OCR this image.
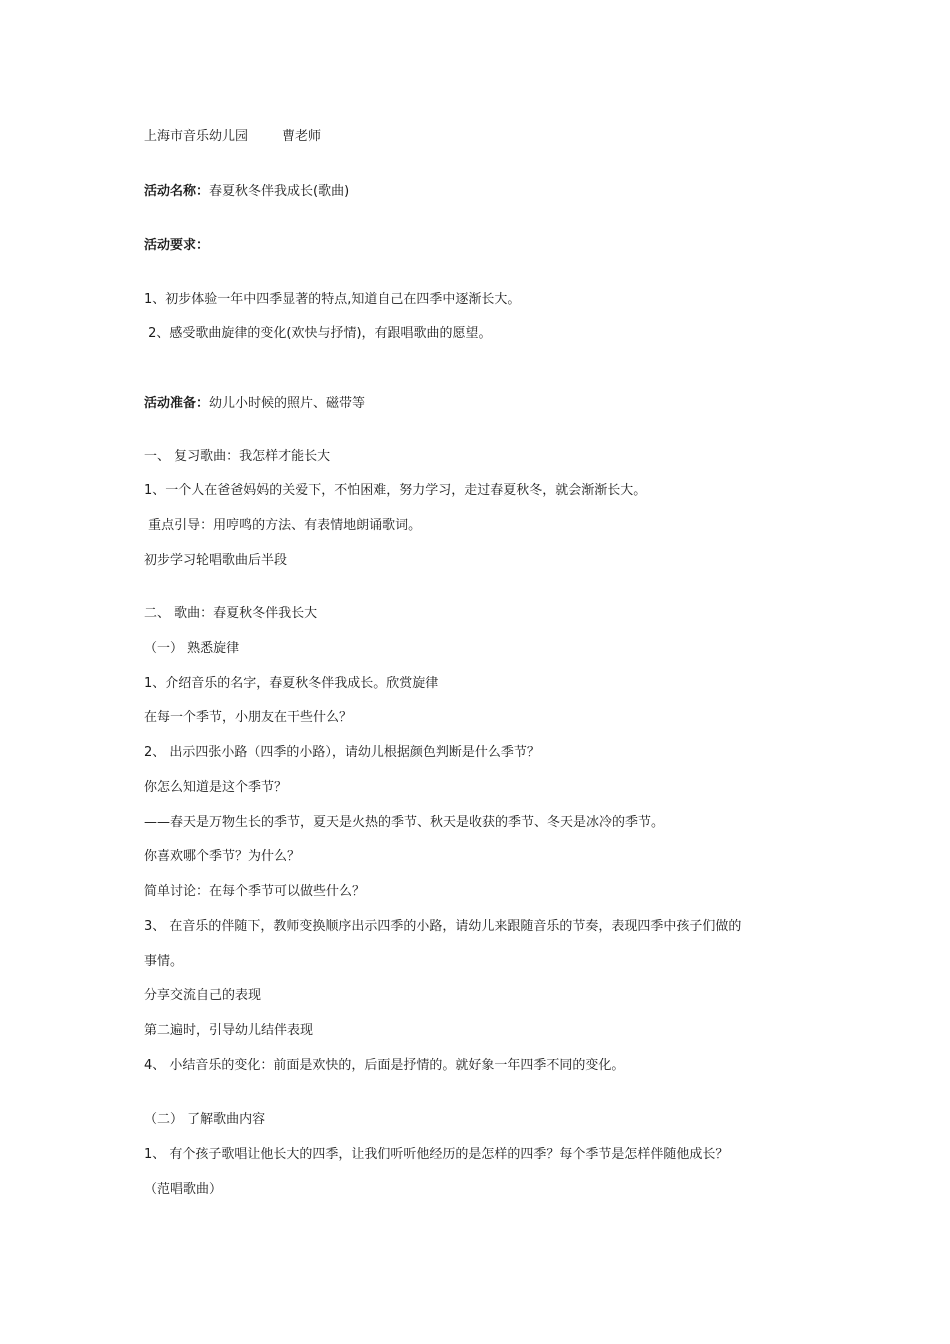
上海市音乐幼儿园	曹老师
活动名称：春夏秋冬伴我成长(歌曲)
活动要求：
1、初步体验一年中四季显著的特点,知道自己在四季中逐渐长大。
2、感受歌曲旋律的变化(欢快与抒情)，有跟唱歌曲的愿望。
活动准备：幼儿小时候的照片、磁带等
一、 复习歌曲：我怎样才能长大
1、一个人在爸爸妈妈的关爱下，不怕困难，努力学习，走过春夏秋冬，就会渐渐长大。
重点引导：用哼鸣的方法、有表情地朗诵歌词。
初步学习轮唱歌曲后半段
二、 歌曲：春夏秋冬伴我长大
（一） 熟悉旋律
1、介绍音乐的名字，春夏秋冬伴我成长。欣赏旋律
在每一个季节，小朋友在干些什么？
2、 出示四张小路（四季的小路），请幼儿根据颜色判断是什么季节？
你怎么知道是这个季节？
——春天是万物生长的季节，夏天是火热的季节、秋天是收获的季节、冬天是冰冷的季节。
你喜欢哪个季节？为什么？
简单讨论：在每个季节可以做些什么？
3、 在音乐的伴随下，教师变换顺序出示四季的小路，请幼儿来跟随音乐的节奏，表现四季中孩子们做的
事情。
分享交流自己的表现
第二遍时，引导幼儿结伴表现
4、 小结音乐的变化：前面是欢快的，后面是抒情的。就好象一年四季不同的变化。
（二） 了解歌曲内容
1、 有个孩子歌唱让他长大的四季，让我们听听他经历的是怎样的四季？每个季节是怎样伴随他成长？
（范唱歌曲）
